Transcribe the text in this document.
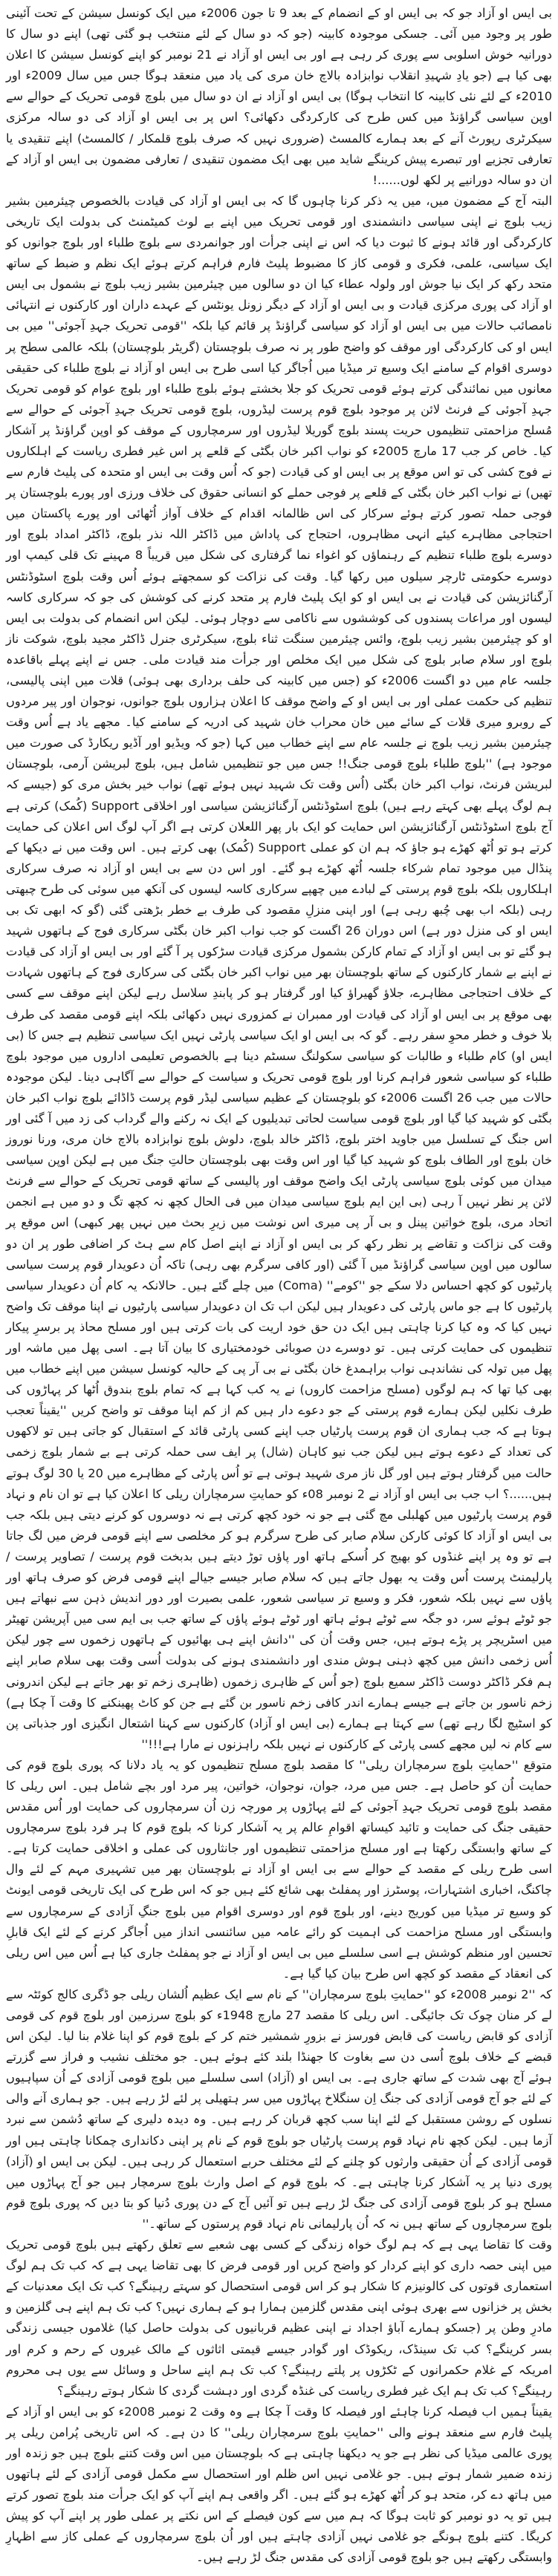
بی ایس او آزاد جو کہ بی ایس او کے انضمام کے بعد 9 تا جون 2006ء میں ایک کونسل سیشن کے تحت آئینی طور پر وجود میں آئی۔ جسکی موجودہ کابینہ (جو کہ دو سال کے لئے منتخب ہو گئی تھی) اپنے دو سال کا دورانیہ خوش اسلوبی سے پوری کر رہی ہے اور بی ایس او آزاد نے 21 نومبر کو اپنے کونسل سیشن کا اعلان بھی کیا ہے (جو یادِ شہیدِ انقلاب نوابزادہ بالاچ خان مری کی یاد میں منعقد ہوگا جس میں سال 2009ء اور 2010ء کے لئے نئی کابینہ کا انتخاب ہوگا) بی ایس او آزاد نے ان دو سال میں بلوچ قومی تحریک کے حوالے سے اوپن سیاسی گراؤنڈ میں کس طرح کی کارکردگی دکھائی؟ اس پر بی ایس او آزاد کی دو سالہ مرکزی سیکرٹری رپورٹ آنے کے بعد ہمارے کالمسٹ (ضروری نہیں کہ صرف بلوچ قلمکار / کالمسٹ) اپنے تنقیدی یا تعارفی تجزیے اور تبصرے پیش کرینگے شاید میں بھی ایک مضمون تنقیدی / تعارفی مضمون بی ایس او آزاد کے ان دو سالہ دورانیے پر لکھ لوں......!

البتہ آج کے مضمون میں، میں یہ ذکر کرنا چاہوں گا کہ بی ایس او آزاد کی قیادت بالخصوص چیئرمین بشیر زیب بلوچ نے اپنی سیاسی دانشمندی اور قومی تحریک میں اپنے بے لوث کمیٹمنٹ کی بدولت ایک تاریخی کارکردگی اور قائد ہونے کا ثبوت دیا کہ اس نے اپنی جرأت اور جوانمردی سے بلوچ طلباء اور بلوچ جوانوں کو ایک سیاسی، علمی، فکری و قومی کاز کا مضبوط پلیٹ فارم فراہم کرتے ہوئے ایک نظم و ضبط کے ساتھ متحد رکھ کر ایک نیا جوش اور ولولہ عطاء کیا ان دو سالوں میں چیئرمین بشیر زیب بلوچ نے بشمول بی ایس او آزاد کی پوری مرکزی قیادت و بی ایس او آزاد کے دیگر زونل یونٹس کے عہدے داران اور کارکنوں نے انتہائی نامصائب حالات میں بی ایس او آزاد کو سیاسی گراؤنڈ پر قائم کیا بلکہ ''قومی تحریک جہدِ آجوئی'' میں بی ایس او کی کارکردگی اور موقف کو واضح طور پر نہ صرف بلوچستان (گریٹر بلوچستان) بلکہ عالمی سطح پر دوسری اقوام کے سامنے ایک وسیع تر میڈیا میں اُجاگر کیا اسی طرح بی ایس او آزاد نے بلوچ طلباء کی حقیقی معانوں میں نمائندگی کرتے ہوئے قومی تحریک کو جلا بخشتے ہوئے بلوچ طلباء اور بلوچ عوام کو قومی تحریک جہدِ آجوئی کے فرنٹ لائن پر موجود بلوچ قوم پرست لیڈروں، بلوچ قومی تحریک جہدِ آجوئی کے حوالے سے مُسلح مزاحمتی تنظیموں حریت پسند بلوچ گوریلا لیڈروں اور سرمچاروں کے موقف کو اوپن گراؤنڈ پر آشکار کیا۔ خاص کر جب 17 مارچ 2005ء کو نواب اکبر خان بگٹی کے قلعے پر اس غیر فطری ریاست کے اہلکاروں نے فوج کشی کی تو اس موقع پر بی ایس او کی قیادت (جو کہ اُس وقت بی ایس او متحدہ کی پلیٹ فارم سے تھیں) نے نواب اکبر خان بگٹی کے قلعے پر فوجی حملے کو انسانی حقوق کی خلاف ورزی اور پورے بلوچستان پر فوجی حملہ تصور کرتے ہوئے سرکار کی اس ظالمانہ اقدام کے خلاف آواز اُٹھائی اور پورے پاکستان میں احتجاجی مظاہرے کیئے انہی مظاہروں، احتجاج کی پاداش میں ڈاکٹر اللہ نذر بلوچ، ڈاکٹر امداد بلوچ اور دوسرے بلوچ طلباء تنظیم کے رہنماؤں کو اغواء نما گرفتاری کی شکل میں قریباً 8 مہینے تک قلی کیمپ اور دوسرے حکومتی ٹارچر سیلوں میں رکھا گیا۔ وقت کی نزاکت کو سمجھتے ہوئے اُس وقت بلوچ اسٹوڈنٹس آرگنائزیشن کی قیادت نے بی ایس او کو ایک پلیٹ فارم پر متحد کرنے کی کوشش کی جو کہ سرکاری کاسہ لیسوں اور مراعات پسندوں کی کوششوں سے ناکامی سے دوچار ہوئی۔ لیکن اس انضمام کی بدولت بی ایس او کو چیئرمین بشیر زیب بلوچ، وائس چیئرمین سنگت ثناء بلوچ، سیکرٹری جنرل ڈاکٹر مجید بلوچ، شوکت ناز بلوچ اور سلام صابر بلوچ کی شکل میں ایک مخلص اور جرأت مند قیادت ملی۔ جس نے اپنے پہلے باقاعدہ جلسہ عام میں دو اگست 2006ء کو (جس میں کابینہ کی حلف برداری بھی ہوئی) قلات میں اپنی پالیسی، تنظیم کی حکمت عملی اور بی ایس او کے واضح موقف کا اعلان ہزاروں بلوچ جوانوں، نوجوان اور پیر مردوں کے روبرو میری قلات کے سائے میں خان محراب خان شہید کی ادریہ کے سامنے کیا۔ مجھے یاد ہے اُس وقت چیئرمین بشیر زیب بلوچ نے جلسہ عام سے اپنے خطاب میں کہا (جو کہ ویڈیو اور آڈیو ریکارڈ کی صورت میں موجود ہے) ''بلوچ طلباء بلوچ قومی جنگ!! جس میں جو تنظیمیں شامل ہیں، بلوچ لبریشن آرمی، بلوچستان لبریشن فرنٹ، نواب اکبر خان بگٹی (اُس وقت تک شہید نہیں ہوئے تھے) نواب خیر بخش مری کو (جیسے کہ ہم لوگ پہلے بھی کہتے رہے ہیں) بلوچ اسٹوڈنٹس آرگنائزیشن سیاسی اور اخلاقی Support (کُمک) کرتی ہے آج بلوچ اسٹوڈنٹس آرگنائزیشن اس حمایت کو ایک بار پھر اللعلان کرتی ہے اگر آپ لوگ اس اعلان کی حمایت کرتے ہو تو اُٹھ کھڑے ہو جاؤ کہ ہم ان کو عملی Support (کُمک) بھی کرتے ہیں۔ اس وقت میں نے دیکھا کے پنڈال میں موجود تمام شرکاء جلسہ اُٹھ کھڑے ہو گئے۔ اور اس دن سے بی ایس او آزاد نہ صرف سرکاری اہلکاروں بلکہ بلوچ قوم پرستی کے لبادے میں چھپے سرکاری کاسہ لیسوں کی آنکھ میں سوئی کی طرح چبھتی رہی (بلکہ اب بھی چُبھ رہی ہے) اور اپنی منزلِ مقصود کی طرف بے خطر بڑھتی گئی (گو کہ ابھی تک بی ایس او کی منزل دور ہے) اس دوران 26 اگست کو جب نواب اکبر خان بگٹی سرکاری فوج کے ہاتھوں شہید ہو گئے تو بی ایس او آزاد کے تمام کارکن بشمول مرکزی قیادت سڑکوں پر آ گئے اور بی ایس او آزاد کی قیادت نے اپنے بے شمار کارکنوں کے ساتھ بلوچستان بھر میں نواب اکبر خان بگٹی کی سرکاری فوج کے ہاتھوں شہادت کے خلاف احتجاجی مظاہرے، جلاؤ گھیراؤ کیا اور گرفتار ہو کر پابندِ سلاسل رہے لیکن اپنے موقف سے کسی بھی موقع پر بی ایس او آزاد کی قیادت اور ممبران نے کمزوری نہیں دکھائی بلکہ اپنے قومی مقصد کی طرف بلا خوف و خطر محوِ سفر رہے۔ گو کہ بی ایس او ایک سیاسی پارٹی نہیں ایک سیاسی تنظیم ہے جس کا (بی ایس او) کام طلباء و طالبات کو سیاسی سکولنگ سسٹم دینا ہے بالخصوص تعلیمی اداروں میں موجود بلوچ طلباء کو سیاسی شعور فراہم کرنا اور بلوچ قومی تحریک و سیاست کے حوالے سے آگاہی دینا۔ لیکن موجودہ حالات میں جب 26 اگست 2006ء کو بلوچستان کے عظیم سیاسی لیڈر قوم پرست ڈاڈائے بلوچ نواب اکبر خان بگٹی کو شہید کیا گیا اور بلوچ قومی سیاست لحاتی تبدیلیوں کے ایک نہ رکنے والے گرداب کی زد میں آ گئی اور اس جنگ کے تسلسل میں جاوید اختر بلوچ، ڈاکٹر خالد بلوچ، دلوش بلوچ نوابزادہ بالاچ خان مری، ورنا نوروز خان بلوچ اور الطاف بلوچ کو شہید کیا گیا اور اس وقت بھی بلوچستان حالتِ جنگ میں ہے لیکن اوپن سیاسی میدان میں کوئی بلوچ سیاسی پارٹی ایک واضح موقف اور پالیسی کے ساتھ قومی تحریک کے حوالے سے فرنٹ لائن پر نظر نہیں آ رہی (بی این ایم بلوچ سیاسی میدان میں فی الحال کچھ نہ کچھ تگ و دو میں ہے انجمن اتحاد مری، بلوچ خواتین پینل و بی آر پی میری اس نوشت میں زیرِ بحث میں نہیں پھر کبھی) اس موقع پر وقت کی نزاکت و تقاضے پر نظر رکھ کر بی ایس او آزاد نے اپنے اصل کام سے ہٹ کر اضافی طور پر ان دو سالوں میں اوپن سیاسی گراؤنڈ میں آ گئی (اور کافی سرگرم بھی رہی) تاکہ اُن دعویدار قوم پرست سیاسی پارٹیوں کو کچھ احساس دلا سکے جو ''کومے'' (Coma) میں چلے گئے ہیں۔ حالانکہ یہ کام اُن دعویدار سیاسی پارٹیوں کا ہے جو ماس پارٹی کی دعویدار ہیں لیکن اب تک ان دعویدار سیاسی پارٹیوں نے اپنا موقف تک واضح نہیں کیا کہ وہ کیا کرنا چاہتی ہیں ایک دن حق خود اریت کی بات کرتی ہیں اور مسلح محاذ پر برسرِ پیکار تنظیموں کی حمایت کرتی ہیں۔ تو دوسرے دن صوبائی خودمختیاری کا بیان آتا ہے۔ اسی پھل میں ماشہ اور پھل میں تولہ کی نشاندہی نواب براہمدغ خان بگٹی نے بی آر پی کے حالیہ کونسل سیشن میں اپنے خطاب میں بھی کیا تھا کہ ہم لوگوں (مسلح مزاحمت کاروں) نے یہ کب کہا ہے کہ تمام بلوچ بندوق اُٹھا کر پہاڑوں کی طرف نکلیں لیکن ہمارے قوم پرستی کے جو دعوے دار ہیں کم از کم اپنا موقف تو واضح کریں ''یقیناً تعجب ہوتا ہے کہ جب ہماری ان قوم پرست پارٹیاں جب اپنے کسی پارٹی قائد کے استقبال کو جاتی ہیں تو لاکھوں کی تعداد کے دعوے ہوتے ہیں لیکن جب نیو کاہان (شال) پر ایف سی حملہ کرتی ہے بے شمار بلوچ زخمی حالت میں گرفتار ہوتے ہیں اور گل ناز مری شہید ہوتی ہے تو اُس پارٹی کے مظاہرے میں 20 یا 30 لوگ ہوتے ہیں......؟ اب جب بی ایس او آزاد نے 2 نومبر 08ء کو حمایتِ سرمچاران ریلی کا اعلان کیا ہے تو ان نام و نہاد قوم پرست پارٹیوں میں کھلبلی مچ گئی ہے جو نہ خود کچھ کرتی ہے نہ دوسروں کو کرنے دیتی ہیں بلکہ جب بی ایس او آزاد کا کوئی کارکن سلام صابر کی طرح سرگرم ہو کر مخلصی سے اپنے قومی فرض میں لگ جاتا ہے تو وہ پر اپنے غنڈوں کو بھیج کر اُسکے ہاتھ اور پاؤں توڑ دیتے ہیں بدبخت قوم پرست / تصاویر پرست / پارلیمنٹ پرست اُس وقت یہ بھول جاتے ہیں کہ سلام صابر جیسے جیالے اپنے قومی فرض کو صرف ہاتھ اور پاؤں سے نہیں بلکہ شعور، فکر و وسیع تر سیاسی شعور، علمی بصیرت اور دور اندیش ذہن سے نبھاتے ہیں جو ٹوٹے ہوئے سر، دو جگہ سے ٹوٹے ہوئے ہاتھ اور ٹوٹے ہوئے پاؤں کے ساتھ جب بی ایم سی میں آپریشن تھیٹر میں اسٹریچر پر پڑے ہوتے ہیں، جس وقت اُن کی ''دانش اپنے ہی بھائیوں کے ہاتھوں زخموں سے چور لیکن اُس زخمی دانش میں کچھ ذہنی ہوش مندی اور دانشمندی ہونے کی بدولت اُسی وقت بھی سلام صابر اپنے ہم فکر ڈاکٹر دوست ڈاکٹر سمیع بلوچ (جو اُس کے ظاہری زخموں (ظاہری زخم تو بھر جاتے ہے لیکن اندرونی زخم ناسور بن جاتے ہے جیسے ہمارے اندر کافی زخم ناسور بن گئے ہے جن کو کاٹ پھینکنے کا وقت آ چکا ہے) کو اسٹیچ لگا رہے تھے) سے کہتا ہے ہمارے (بی ایس او آزاد) کارکنوں سے کہنا اشتعال انگیزی اور جذباتی پن سے کام نہ لیں مجھے کسی پارٹی کے کارکنوں نے نہیں بلکہ راہزنوں نے مارا ہے!!!''

متوقع ''حمایتِ بلوچ سرمچاران ریلی'' کا مقصد بلوچ مسلح تنظیموں کو یہ یاد دلانا کہ پوری بلوچ قوم کی حمایت اُن کو حاصل ہے۔ جس میں مرد، جوان، نوجوان، خواتین، پیر مرد اور بچے شامل ہیں۔ اس ریلی کا مقصد بلوچ قومی تحریک جہدِ آجوئی کے لئے پہاڑوں پر مورچہ زن اُن سرمچاروں کی حمایت اور اُس مقدس حقیقی جنگ کی حمایت و تائید کیساتھ اقوامِ عالم پر یہ آشکار کرنا کہ بلوچ قوم کا ہر فرد بلوچ سرمچاروں کے ساتھ وابستگی رکھتا ہے اور مسلح مزاحمتی تنظیموں اور جانثاروں کی عملی و اخلاقی حمایت کرتا ہے۔ اسی طرح ریلی کے مقصد کے حوالے سے بی ایس او آزاد نے بلوچستان بھر میں تشہیری مہم کے لئے وال چاکنگ، اخباری اشتہارات، پوسٹرز اور پمفلٹ بھی شائع کئے ہیں جو کہ اس طرح کی ایک تاریخی قومی ایونٹ کو وسیع تر میڈیا میں کوریج دینے، اور بلوچ قوم اور دوسری اقوام میں بلوچ جنگِ آزادی کے سرمچاروں سے وابستگی اور مسلح مزاحمت کی اہمیت کو رائے عامہ میں سائنسی انداز میں اُجاگر کرنے کے لئے ایک قابلِ تحسین اور منظم کوشش ہے اسی سلسلے میں بی ایس او آزاد نے جو پمفلٹ جاری کیا ہے اُس میں اس ریلی کی انعقاد کے مقصد کو کچھ اس طرح بیان کیا گیا ہے۔

کہ ''2 نومبر 2008ء کو ''حمایتِ بلوچ سرمچاران'' کے نام سے ایک عظیم اُلشان ریلی جو ڈگری کالج کوئٹہ سے لے کر منان چوک تک جائیگی۔ اس ریلی کا مقصد 27 مارچ 1948ء کو بلوچ سرزمین اور بلوچ قوم کی قومی آزادی کو قابض ریاست کی قابض فورسز نے بزورِ شمشیر ختم کر کے بلوچ قوم کو اپنا غلام بنا لیا۔ لیکن اس قبضے کے خلاف بلوچ اُسی دن سے بغاوت کا جھنڈا بلند کئے ہوئے ہیں۔ جو مختلف نشیب و فراز سے گزرتے ہوئے آج بھی شدت کے ساتھ جاری ہے۔ بی ایس او (آزاد) اسی سلسلے میں بلوچ قومی آزادی کے اُن سپاہیوں کے لئے جو آج قومی آزادی کی جنگ اِن سنگلاخ پہاڑوں میں سر ہتھیلی پر لئے لڑ رہے ہیں۔ جو ہماری آنے والی نسلوں کے روشن مستقبل کے لئے اپنا سب کچھ قربان کر رہے ہیں۔ وہ دیدہ دلیری کے ساتھ دُشمن سے نبرد آزما ہیں۔ لیکن کچھ نام نہاد قوم پرست پارٹیاں جو بلوچ قوم کے نام پر اپنی دکانداری چمکانا چاہتی ہیں اور قومی آزادی کے اُن حقیقی وارثوں کو چلنے کے لئے مختلف حربے استعمال کر رہی ہیں۔ لیکن بی ایس او (آزاد) پوری دنیا پر یہ آشکار کرنا چاہتی ہے۔ کہ بلوچ قوم کے اصل وارث بلوچ سرمچار ہیں جو آج پہاڑوں میں مسلح ہو کر بلوچ قومی آزادی کی جنگ لڑ رہے ہیں تو آئیں آج کے دن پوری دُنیا کو بتا دیں کہ پوری بلوچ قوم بلوچ سرمچاروں کے ساتھ ہیں نہ کہ اُن پارلیمانی نام نہاد قوم پرستوں کے ساتھ۔''

وقت کا تقاضا یہی ہے کہ ہم لوگ خواہ زندگی کے کسی بھی شعبے سے تعلق رکھتے ہیں بلوچ قومی تحریک میں اپنی حصہ داری کو اپنے کردار کو واضح کریں اور قومی فرض کا بھی تقاضا یہی ہے کہ کب تک ہم لوگ استعماری قوتوں کی کالونیزم کا شکار ہو کر اس قومی استحصال کو سہتے رہینگے؟ کب تک ایک معدنیات کے بخش پر خزانوں سے بھری ہوئی اپنی مقدس گلزمین ہمارا ہو کے ہماری نہیں؟ کب تک ہم اپنے ہی گلزمین و مادرِ وطن پر (جسکو ہمارے آباؤ اجداد نے اپنی عظیم قربانیوں کی بدولت حاصل کیا) غلاموں جیسی زندگی بسر کرینگے؟ کب تک سینڈک، ریکوڈک اور گوادر جیسے قیمتی اثاثوں کے مالک غیروں کے رحم و کرم اور امریکہ کے غلام حکمرانوں کے ٹکڑوں پر پلتے رہینگے؟ کب تک ہم اپنے ساحل و وسائل سے یوں ہی محروم رہینگے؟ کب تک ہم ایک غیر فطری ریاست کی غنڈہ گردی اور دہشت گردی کا شکار ہوتے رہینگے؟

یقیناً ہمیں اب فیصلہ کرنا چاہئے اور فیصلہ کا وقت آ چکا ہے وہ وقت 2 نومبر 2008ء کو بی ایس او آزاد کے پلیٹ فارم سے منعقد ہونے والی ''حمایتِ بلوچ سرمچاران ریلی'' کا دن ہے۔ کہ اس تاریخی پُرامن ریلی پر پوری عالمی میڈیا کی نظر ہے جو یہ دیکھنا چاہتی ہے کہ بلوچستان میں اس وقت کتنے بلوچ ہیں جو زندہ اور زندہ ضمیر شمار ہوتے ہیں۔ جو غلامی نہیں اس ظلم اور استحصال سے مکمل قومی آزادی کے لئے ہاتھوں میں ہاتھ دے کر، متحد ہو کر اُٹھ کھڑے ہو گئے ہیں۔ اگر واقعی ہم اپنے آپ کو ایک جرأت مند بلوچ تصور کرتے ہیں تو یہ دو نومبر کو ثابت ہوگا کہ ہم میں سے کون فیصلے کے اس نکتے پر عملی طور پر اپنے آپ کو پیش کریگا۔ کتنے بلوچ ہونگے جو غلامی نہیں آزادی چاہتے ہیں اور اُن بلوچ سرمچاروں کے عملی کاز سے اظہارِ وابستگی رکھتے ہیں جو بلوچ قومی آزادی کی مقدس جنگ لڑ رہے ہیں۔
